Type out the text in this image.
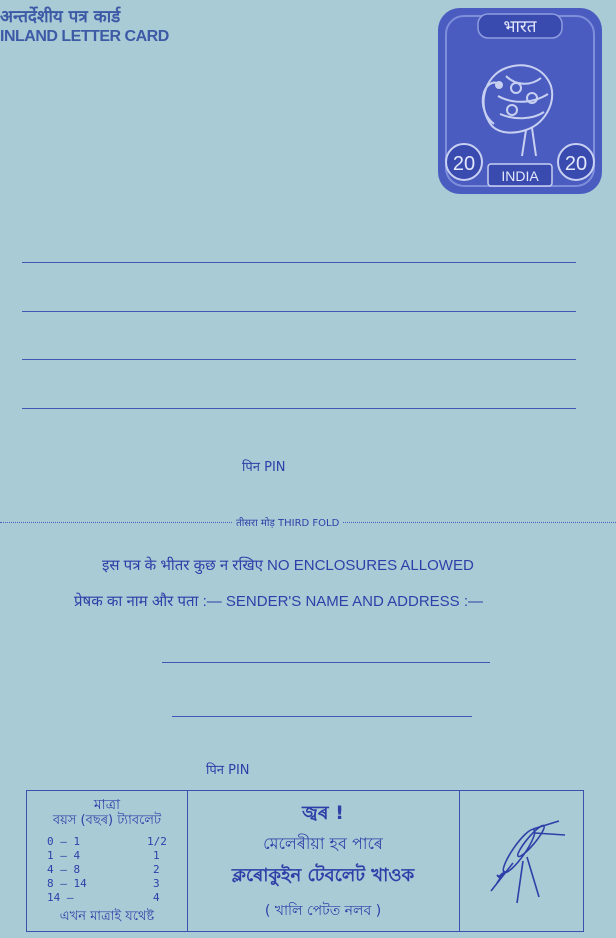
अन्तर्देशीय पत्र कार्ड
INLAND LETTER CARD	भारत
20	20
INDIA
पिन PIN
तीसरा मोड़ THIRD FOLD
इस पत्र के भीतर कुछ न रखिए NO ENCLOSURES ALLOWED
प्रेषक का नाम और पता :— SENDER'S NAME AND ADDRESS :—
पिन PIN
মাত্রা
বয়স (বছৰ) ট্যাবলেট
0 – 1	1/2
1 – 4	1
4 – 8	2
8 – 14	3
14 –	4
এখন মাত্ৰাই যথেষ্ট
জ্বৰ !
মেলেৰীয়া হব পাৰে
ক্লৰোকুইন টেবলেট খাওক
( খালি পেটত নলব )
